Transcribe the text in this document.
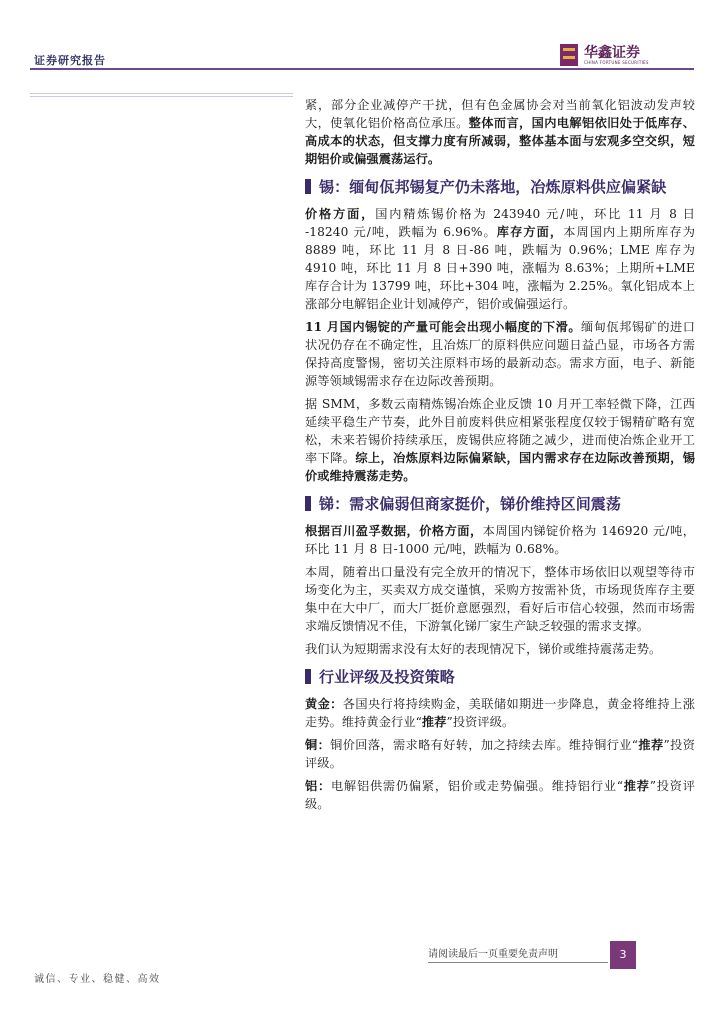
证券研究报告	华鑫证券
CHINA FORTUNE SECURITIES

紧，部分企业减停产干扰，但有色金属协会对当前氧化铝波动发声较大，使氧化铝价格高位承压。整体而言，国内电解铝依旧处于低库存、高成本的状态，但支撑力度有所减弱，整体基本面与宏观多空交织，短期铝价或偏强震荡运行。

锡：缅甸佤邦锡复产仍未落地，冶炼原料供应偏紧缺

价格方面，国内精炼锡价格为 243940 元/吨，环比 11 月 8 日 -18240 元/吨，跌幅为 6.96%。库存方面，本周国内上期所库存为 8889 吨，环比 11 月 8 日-86 吨，跌幅为 0.96%；LME 库存为 4910 吨，环比 11 月 8 日+390 吨，涨幅为 8.63%；上期所+LME 库存合计为 13799 吨，环比+304 吨，涨幅为 2.25%。氧化铝成本上涨部分电解铝企业计划减停产，铝价或偏强运行。

11 月国内锡锭的产量可能会出现小幅度的下滑。缅甸佤邦锡矿的进口状况仍存在不确定性，且冶炼厂的原料供应问题日益凸显，市场各方需保持高度警惕，密切关注原料市场的最新动态。需求方面，电子、新能源等领域锡需求存在边际改善预期。

据 SMM，多数云南精炼锡冶炼企业反馈 10 月开工率轻微下降，江西延续平稳生产节奏，此外目前废料供应相紧张程度仅较于锡精矿略有宽松，未来若锡价持续承压，废锡供应将随之减少，进而使冶炼企业开工率下降。综上，冶炼原料边际偏紧缺，国内需求存在边际改善预期，锡价或维持震荡走势。

锑：需求偏弱但商家挺价，锑价维持区间震荡

根据百川盈孚数据，价格方面，本周国内锑锭价格为 146920 元/吨，环比 11 月 8 日-1000 元/吨，跌幅为 0.68%。

本周，随着出口量没有完全放开的情况下，整体市场依旧以观望等待市场变化为主，买卖双方成交谨慎，采购方按需补货，市场现货库存主要集中在大中厂，而大厂挺价意愿强烈，看好后市信心较强，然而市场需求端反馈情况不佳，下游氧化锑厂家生产缺乏较强的需求支撑。

我们认为短期需求没有太好的表现情况下，锑价或维持震荡走势。

行业评级及投资策略

黄金：各国央行将持续购金，美联储如期进一步降息，黄金将维持上涨走势。维持黄金行业“推荐”投资评级。

铜：铜价回落，需求略有好转，加之持续去库。维持铜行业“推荐”投资评级。

铝：电解铝供需仍偏紧，铝价或走势偏强。维持铝行业“推荐”投资评级。

请阅读最后一页重要免责声明	3
诚信、专业、稳健、高效
